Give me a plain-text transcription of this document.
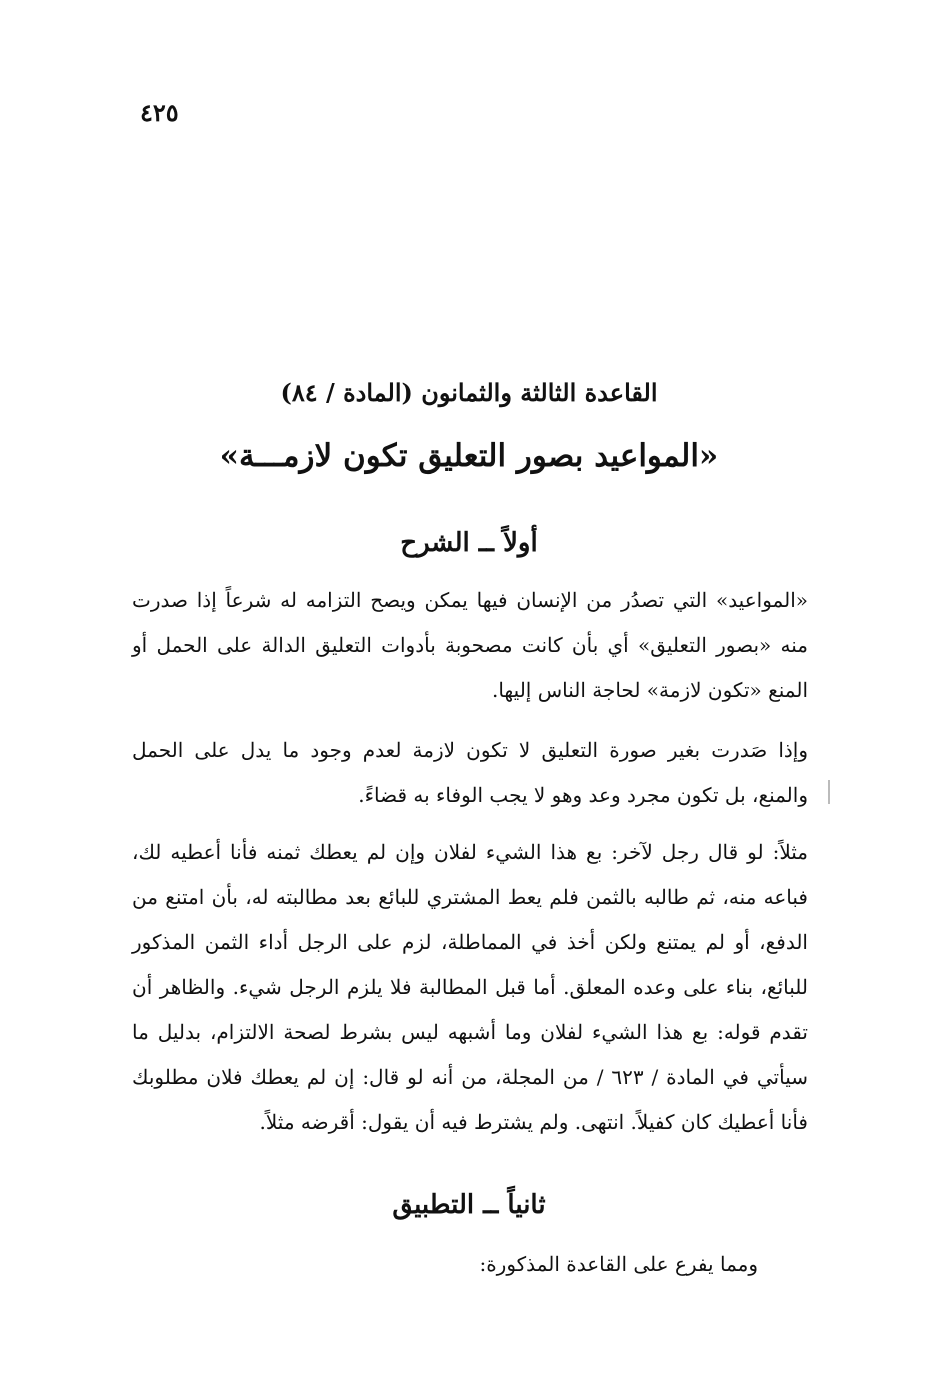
٤٢٥
القاعدة الثالثة والثمانون (المادة / ٨٤)
«المواعيد بصور التعليق تكون لازمـــة»
أولاً ــ الشرح

«المواعيد» التي تصدُر من الإنسان فيها يمكن ويصح التزامه له شرعاً إذا صدرت منه «بصور التعليق» أي بأن كانت مصحوبة بأدوات التعليق الدالة على الحمل أو المنع «تكون لازمة» لحاجة الناس إليها.

وإذا صَدرت بغير صورة التعليق لا تكون لازمة لعدم وجود ما يدل على الحمل والمنع، بل تكون مجرد وعد وهو لا يجب الوفاء به قضاءً.

مثلاً: لو قال رجل لآخر: بع هذا الشيء لفلان وإن لم يعطك ثمنه فأنا أعطيه لك، فباعه منه، ثم طالبه بالثمن فلم يعط المشتري للبائع بعد مطالبته له، بأن امتنع من الدفع، أو لم يمتنع ولكن أخذ في المماطلة، لزم على الرجل أداء الثمن المذكور للبائع، بناء على وعده المعلق. أما قبل المطالبة فلا يلزم الرجل شيء. والظاهر أن تقدم قوله: بع هذا الشيء لفلان وما أشبهه ليس بشرط لصحة الالتزام، بدليل ما سيأتي في المادة / ٦٢٣ / من المجلة، من أنه لو قال: إن لم يعطك فلان مطلوبك فأنا أعطيك كان كفيلاً. انتهى. ولم يشترط فيه أن يقول: أقرضه مثلاً.

ثانياً ــ التطبيق

ومما يفرع على القاعدة المذكورة:
